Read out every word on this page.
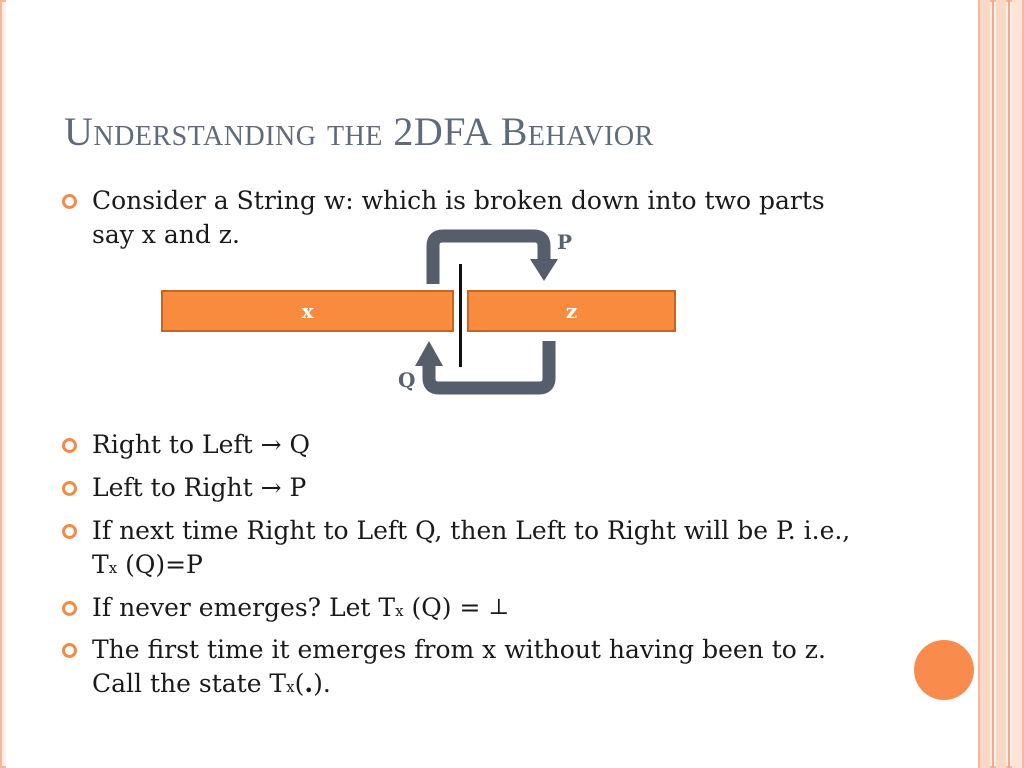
Understanding the 2DFA Behavior
Consider a String w: which is broken down into two parts say x and z.
x	z
P
Q
Right to Left → Q
Left to Right → P
If next time Right to Left Q, then Left to Right will be P. i.e., Tx (Q)=P
If never emerges? Let Tx (Q) = ⊥
The first time it emerges from x without having been to z. Call the state Tx(.).
